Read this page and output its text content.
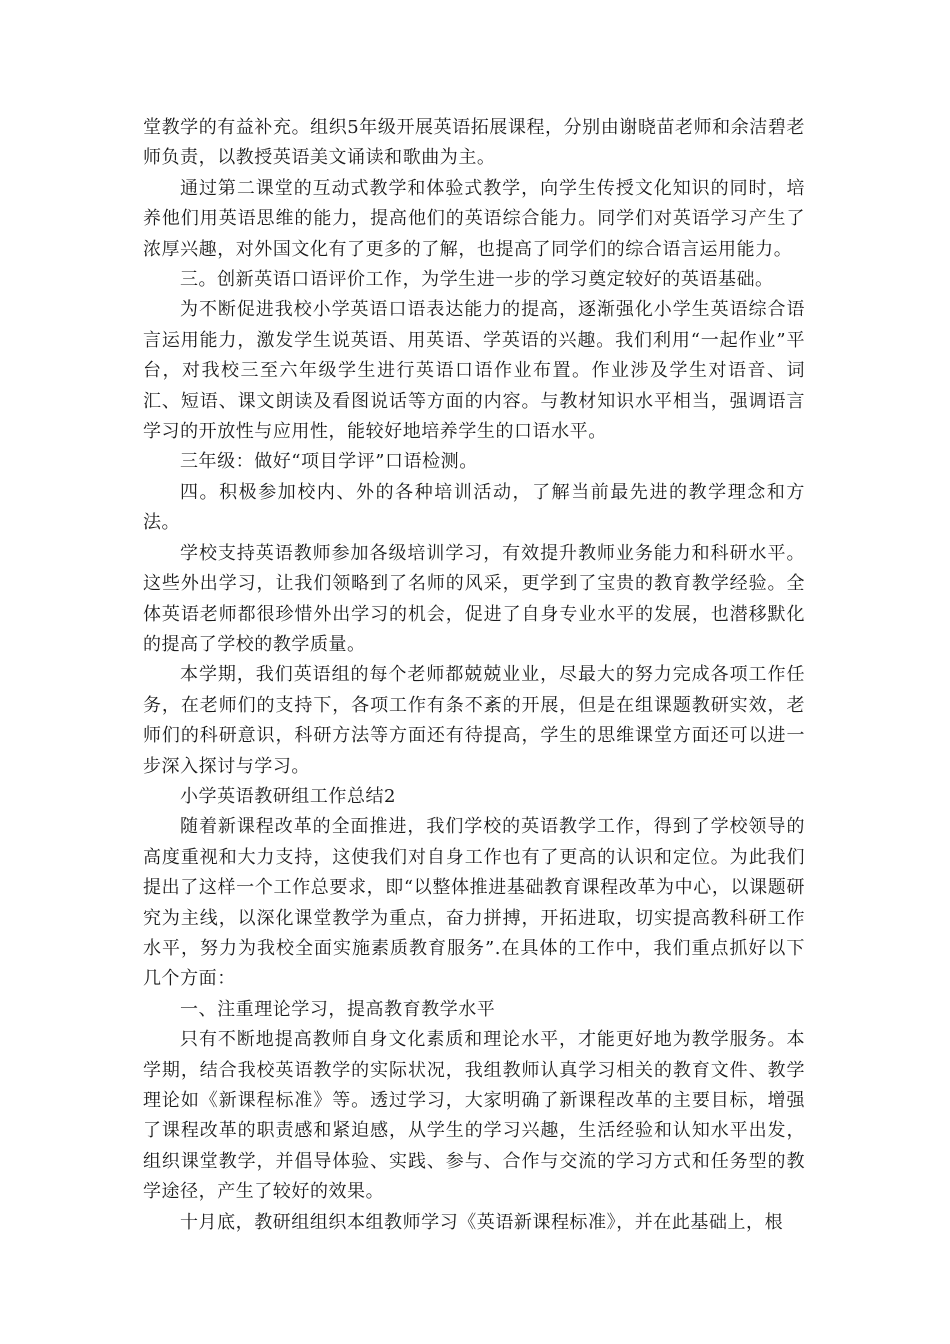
堂教学的有益补充。组织5年级开展英语拓展课程，分别由谢晓苗老师和余洁碧老师负责，以教授英语美文诵读和歌曲为主。

通过第二课堂的互动式教学和体验式教学，向学生传授文化知识的同时，培养他们用英语思维的能力，提高他们的英语综合能力。同学们对英语学习产生了浓厚兴趣，对外国文化有了更多的了解，也提高了同学们的综合语言运用能力。

三。创新英语口语评价工作，为学生进一步的学习奠定较好的英语基础。

为不断促进我校小学英语口语表达能力的提高，逐渐强化小学生英语综合语言运用能力，激发学生说英语、用英语、学英语的兴趣。我们利用“一起作业”平台，对我校三至六年级学生进行英语口语作业布置。作业涉及学生对语音、词汇、短语、课文朗读及看图说话等方面的内容。与教材知识水平相当，强调语言学习的开放性与应用性，能较好地培养学生的口语水平。

三年级：做好“项目学评”口语检测。

四。积极参加校内、外的各种培训活动，了解当前最先进的教学理念和方法。

学校支持英语教师参加各级培训学习，有效提升教师业务能力和科研水平。这些外出学习，让我们领略到了名师的风采，更学到了宝贵的教育教学经验。全体英语老师都很珍惜外出学习的机会，促进了自身专业水平的发展，也潜移默化的提高了学校的教学质量。

本学期，我们英语组的每个老师都兢兢业业，尽最大的努力完成各项工作任务，在老师们的支持下，各项工作有条不紊的开展，但是在组课题教研实效，老师们的科研意识，科研方法等方面还有待提高，学生的思维课堂方面还可以进一步深入探讨与学习。

小学英语教研组工作总结2

随着新课程改革的全面推进，我们学校的英语教学工作，得到了学校领导的高度重视和大力支持，这使我们对自身工作也有了更高的认识和定位。为此我们提出了这样一个工作总要求，即“以整体推进基础教育课程改革为中心，以课题研究为主线，以深化课堂教学为重点，奋力拼搏，开拓进取，切实提高教科研工作水平，努力为我校全面实施素质教育服务”.在具体的工作中，我们重点抓好以下几个方面：

一、注重理论学习，提高教育教学水平

只有不断地提高教师自身文化素质和理论水平，才能更好地为教学服务。本学期，结合我校英语教学的实际状况，我组教师认真学习相关的教育文件、教学理论如《新课程标准》等。透过学习，大家明确了新课程改革的主要目标，增强了课程改革的职责感和紧迫感，从学生的学习兴趣，生活经验和认知水平出发，组织课堂教学，并倡导体验、实践、参与、合作与交流的学习方式和任务型的教学途径，产生了较好的效果。

十月底，教研组组织本组教师学习《英语新课程标准》，并在此基础上，根
